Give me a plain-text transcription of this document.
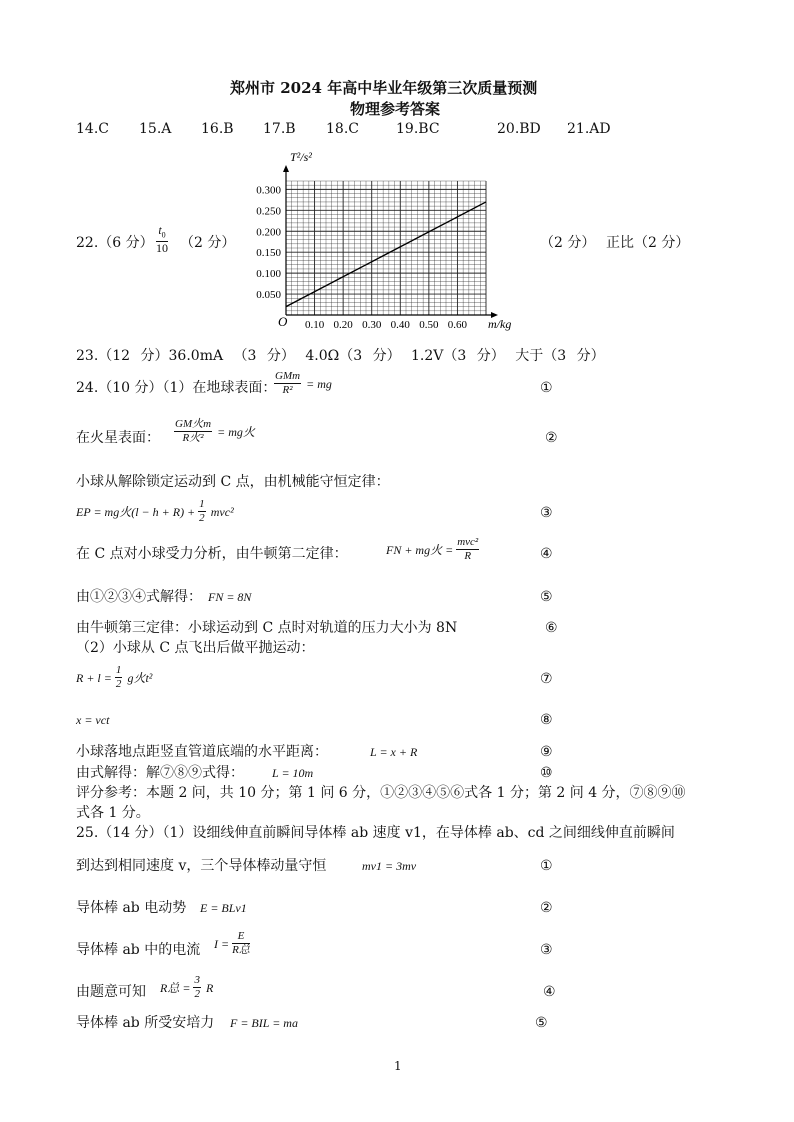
郑州市 2024 年高中毕业年级第三次质量预测
物理参考答案
14.C 15.A 16.B 17.B 18.C	19.BC	20.BD 21.AD
22.（6 分） $\frac{t_0}{10} (2$ 分）	（2 分） 正比（2 分）
0.10 0.20 0.30 0.40 0.50 0.60
0.050
0.100
0.150
0.200
0.250
0.300
T²/s²
m/kg
O
23.（12 分）36.0mA （3 分） 4.0Ω（3 分） 1.2V（3 分） 大于（3 分）
24.（10 分）（1）在地球表面：
$\frac{\text{GMm}}{\text{R²}}$ = mg	①
在火星表面： $\frac{\text{GM火m}}{\text{R火²}}$ = mg火	②
小球从解除锁定运动到 C 点，由机械能守恒定律：
EP = mg火$(l - h + R) + \frac{1}{2} mvc^2$	③
在 C 点对小球受力分析，由牛顿第二定律：	FN + mg火 = $\frac{\text{mvc²}}{R}$	④
由①②③④式解得： FN = 8N	⑤
由牛顿第三定律：小球运动到 C 点时对轨道的压力大小为 8N	⑥
（2）小球从 C 点飞出后做平抛运动：
$R + l = \frac{1}{2}$ g火t²	⑦
x = vct	⑧
小球落地点距竖直管道底端的水平距离：	L = x + R	⑨
由式解得：解⑦⑧⑨式得： L = 10m	⑩
评分参考：本题 2 问，共 10 分；第 1 问 6 分，①②③④⑤⑥式各 1 分；第 2 问 4 分，⑦⑧⑨⑩
式各 1 分。
25.（14 分）（1）设细线伸直前瞬间导体棒 ab 速度 v1，在导体棒 ab、cd 之间细线伸直前瞬间
到达到相同速度 v，三个导体棒动量守恒	mv1 = 3mv	①
导体棒 ab 电动势 E = BLv1	②
导体棒 ab 中的电流 $I = \frac{E}{\text{R总}}$	③
由题意可知 R总 = $\frac{3}{2}$ R	④
导体棒 ab 所受安培力 F = BIL = ma	⑤
1
